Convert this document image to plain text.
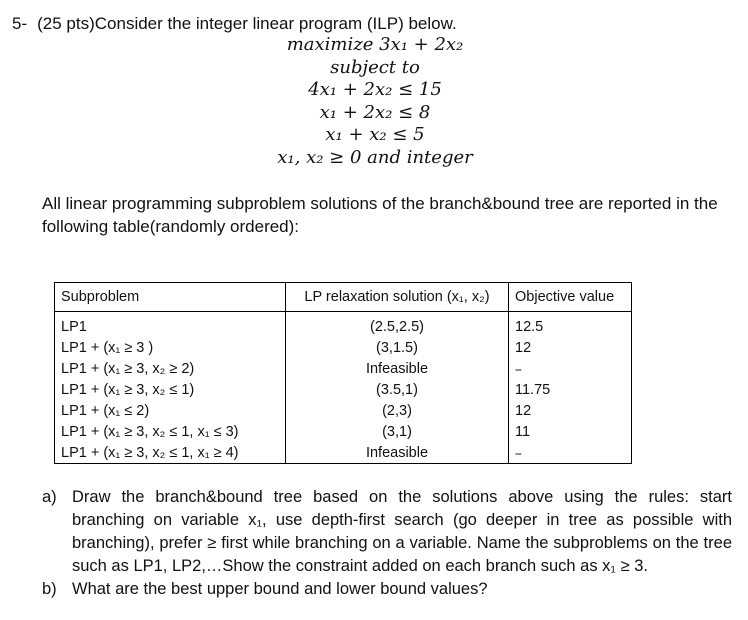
5- (25 pts)Consider the integer linear program (ILP) below.
maximize 3x₁ + 2x₂
subject to
4x₁ + 2x₂ ≤ 15
x₁ + 2x₂ ≤ 8
x₁ + x₂ ≤ 5
x₁, x₂ ≥ 0 and integer
All linear programming subproblem solutions of the branch&bound tree are reported in the following table(randomly ordered):
Subproblem	LP relaxation solution (x₁, x₂)	Objective value
LP1	(2.5,2.5)	12.5
LP1 + (x₁ ≥ 3 )	(3,1.5)	12
LP1 + (x₁ ≥ 3, x₂ ≥ 2)	Infeasible	--
LP1 + (x₁ ≥ 3, x₂ ≤ 1)	(3.5,1)	11.75
LP1 + (x₁ ≤ 2)	(2,3)	12
LP1 + (x₁ ≥ 3, x₂ ≤ 1, x₁ ≤ 3)	(3,1)	11
LP1 + (x₁ ≥ 3, x₂ ≤ 1, x₁ ≥ 4)	Infeasible	--
a) Draw the branch&bound tree based on the solutions above using the rules: start branching on variable x₁, use depth-first search (go deeper in tree as possible with branching), prefer ≥ first while branching on a variable. Name the subproblems on the tree such as LP1, LP2,…Show the constraint added on each branch such as x₁ ≥ 3.
b) What are the best upper bound and lower bound values?
